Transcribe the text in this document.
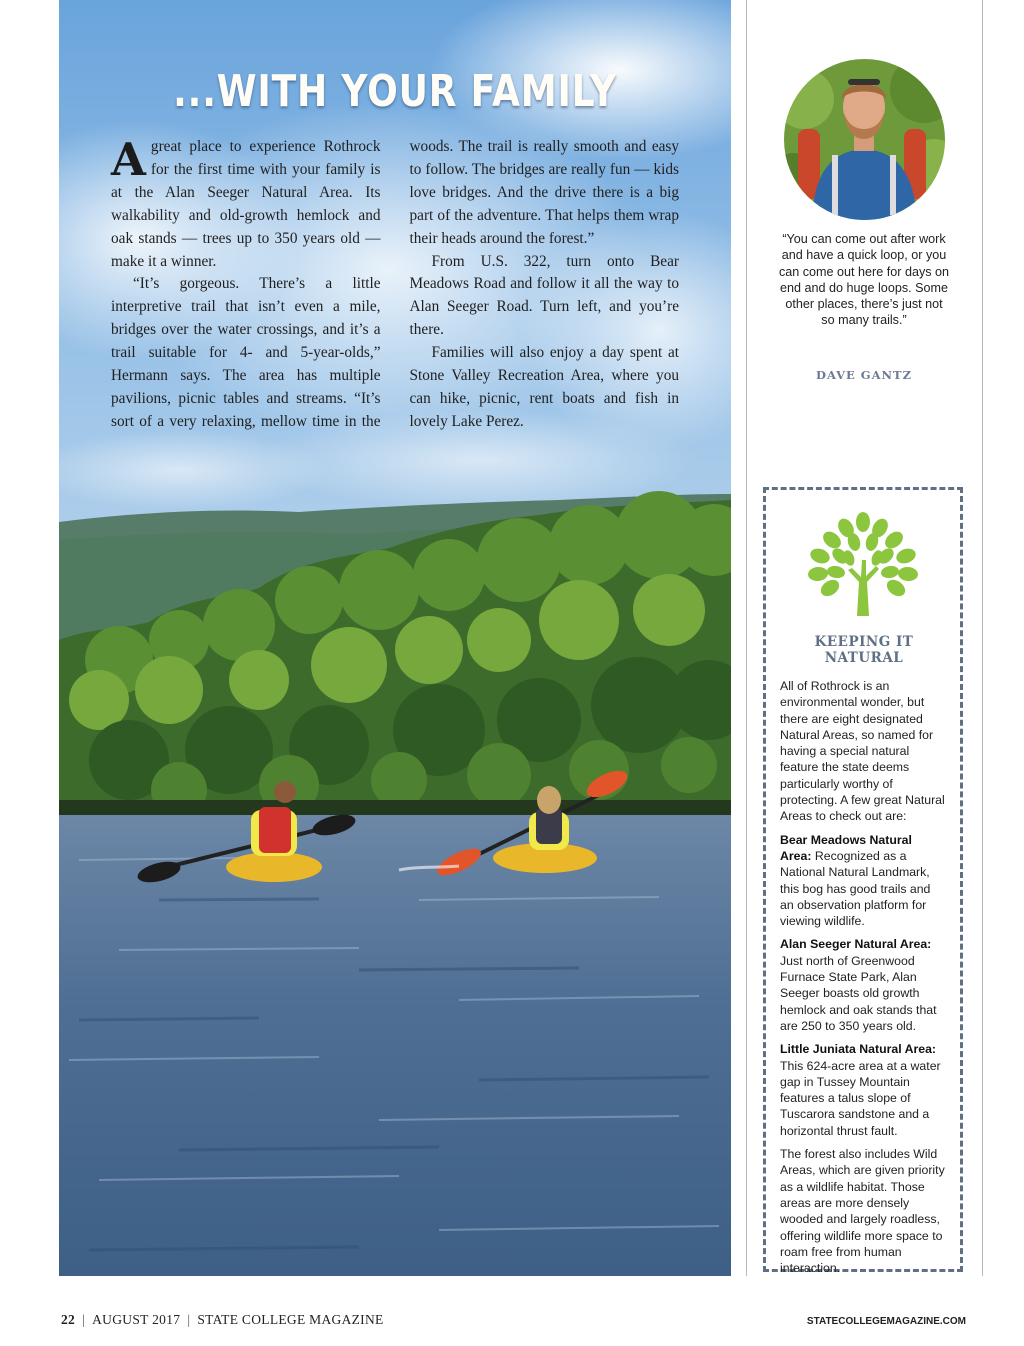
...WITH YOUR FAMILY

A great place to experience Rothrock for the first time with your family is at the Alan Seeger Natural Area. Its walkability and old-growth hemlock and oak stands — trees up to 350 years old — make it a winner.

“It’s gorgeous. There’s a little interpretive trail that isn’t even a mile, bridges over the water crossings, and it’s a trail suitable for 4- and 5-year-olds,” Hermann says. The area has multiple pavilions, picnic tables and streams. “It’s sort of a very relaxing, mellow time in the woods. The trail is really smooth and easy to follow. The bridges are really fun — kids love bridges. And the drive there is a big part of the adventure. That helps them wrap their heads around the forest.”

From U.S. 322, turn onto Bear Meadows Road and follow it all the way to Alan Seeger Road. Turn left, and you’re there.

Families will also enjoy a day spent at Stone Valley Recreation Area, where you can hike, picnic, rent boats and fish in lovely Lake Perez.

“You can come out after work and have a quick loop, or you can come out here for days on end and do huge loops. Some other places, there’s just not so many trails.”
DAVE GANTZ
KEEPING IT
NATURAL

All of Rothrock is an environmental wonder, but there are eight designated Natural Areas, so named for having a special natural feature the state deems particularly worthy of protecting. A few great Natural Areas to check out are:

Bear Meadows Natural Area: Recognized as a National Natural Landmark, this bog has good trails and an observation platform for viewing wildlife.

Alan Seeger Natural Area: Just north of Greenwood Furnace State Park, Alan Seeger boasts old growth hemlock and oak stands that are 250 to 350 years old.

Little Juniata Natural Area: This 624-acre area at a water gap in Tussey Mountain features a talus slope of Tuscarora sandstone and a horizontal thrust fault.

The forest also includes Wild Areas, which are given priority as a wildlife habitat. Those areas are more densely wooded and largely roadless, offering wildlife more space to roam free from human interaction.

22 | AUGUST 2017 | STATE COLLEGE MAGAZINE	STATECOLLEGEMAGAZINE.COM
